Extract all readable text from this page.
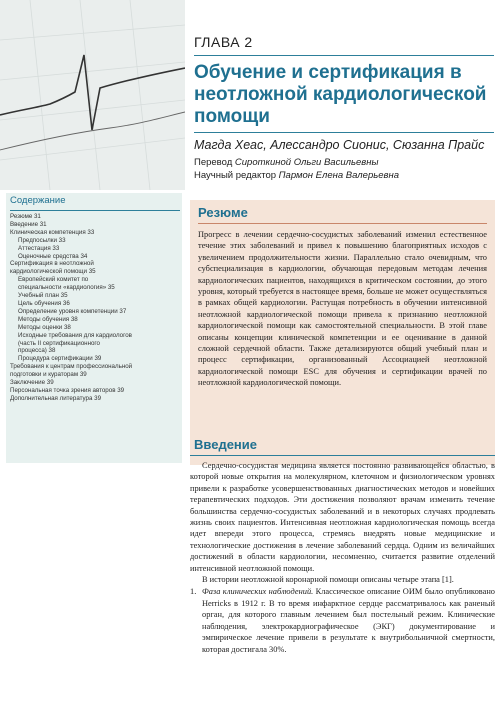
ГЛАВА 2
Обучение и сертификация в неотложной кардиологической помощи
Магда Хеас, Алессандро Сионис, Сюзанна Прайс
Перевод Сироткиной Ольги Васильевны
Научный редактор Пармон Елена Валерьевна
Содержание
Резюме 31
Введение 31
Клиническая компетенция 33
Предпосылки 33
Аттестация 33
Оценочные средства 34
Сертификация в неотложной
кардиологической помощи 35
Европейский комитет по
специальности «кардиология» 35
Учебный план 35
Цель обучения 36
Определение уровня компетенции 37
Методы обучения 38
Методы оценки 38
Исходные требования для кардиологов
(часть II сертификационного
процесса) 38
Процедура сертификации 39
Требования к центрам профессиональной
подготовки и кураторам 39
Заключение 39
Персональная точка зрения авторов 39
Дополнительная литература 39
Резюме
Прогресс в лечении сердечно-сосудистых заболеваний изменил естественное течение этих заболеваний и привел к повышению благоприятных исходов с увеличением продолжительности жизни. Параллельно стало очевидным, что субспециализация в кардиологии, обучающая передовым методам лечения кардиологических пациентов, находящихся в критическом состоянии, до этого уровня, который требуется в настоящее время, больше не может осуществляться в рамках общей кардиологии. Растущая потребность в обучении интенсивной неотложной кардиологической помощи привела к признанию неотложной кардиологической помощи как самостоятельной специальности. В этой главе описаны концепции клинической компетенции и ее оценивание в данной сложной сердечной области. Также детализируются общий учебный план и процесс сертификации, организованный Ассоциацией неотложной кардиологической помощи ESC для обучения и сертификации врачей по неотложной кардиологической помощи.
Введение

Сердечно-сосудистая медицина является постоянно развивающейся областью, в которой новые открытия на молекулярном, клеточном и физиологическом уровнях привели к разработке усовершенствованных диагностических методов и новейших терапевтических подходов. Эти достижения позволяют врачам изменить течение большинства сердечно-сосудистых заболеваний и в некоторых случаях продлевать жизнь своих пациентов. Интенсивная неотложная кардиологическая помощь всегда идет впереди этого процесса, стремясь внедрять новые медицинские и технологические достижения в лечение заболеваний сердца. Одним из величайших достижений в области кардиологии, несомненно, считается развитие отделений интенсивной неотложной помощи.

В истории неотложной коронарной помощи описаны четыре этапа [1].

1. Фаза клинических наблюдений. Классическое описание ОИМ было опубликовано Herricks в 1912 г. В то время инфарктное сердце рассматривалось как раненый орган, для которого главным лечением был постельный режим. Клинические наблюдения, электрокардиографическое (ЭКГ) документирование и эмпирическое лечение привели в результате к внутрибольничной смертности, которая достигала 30%.
